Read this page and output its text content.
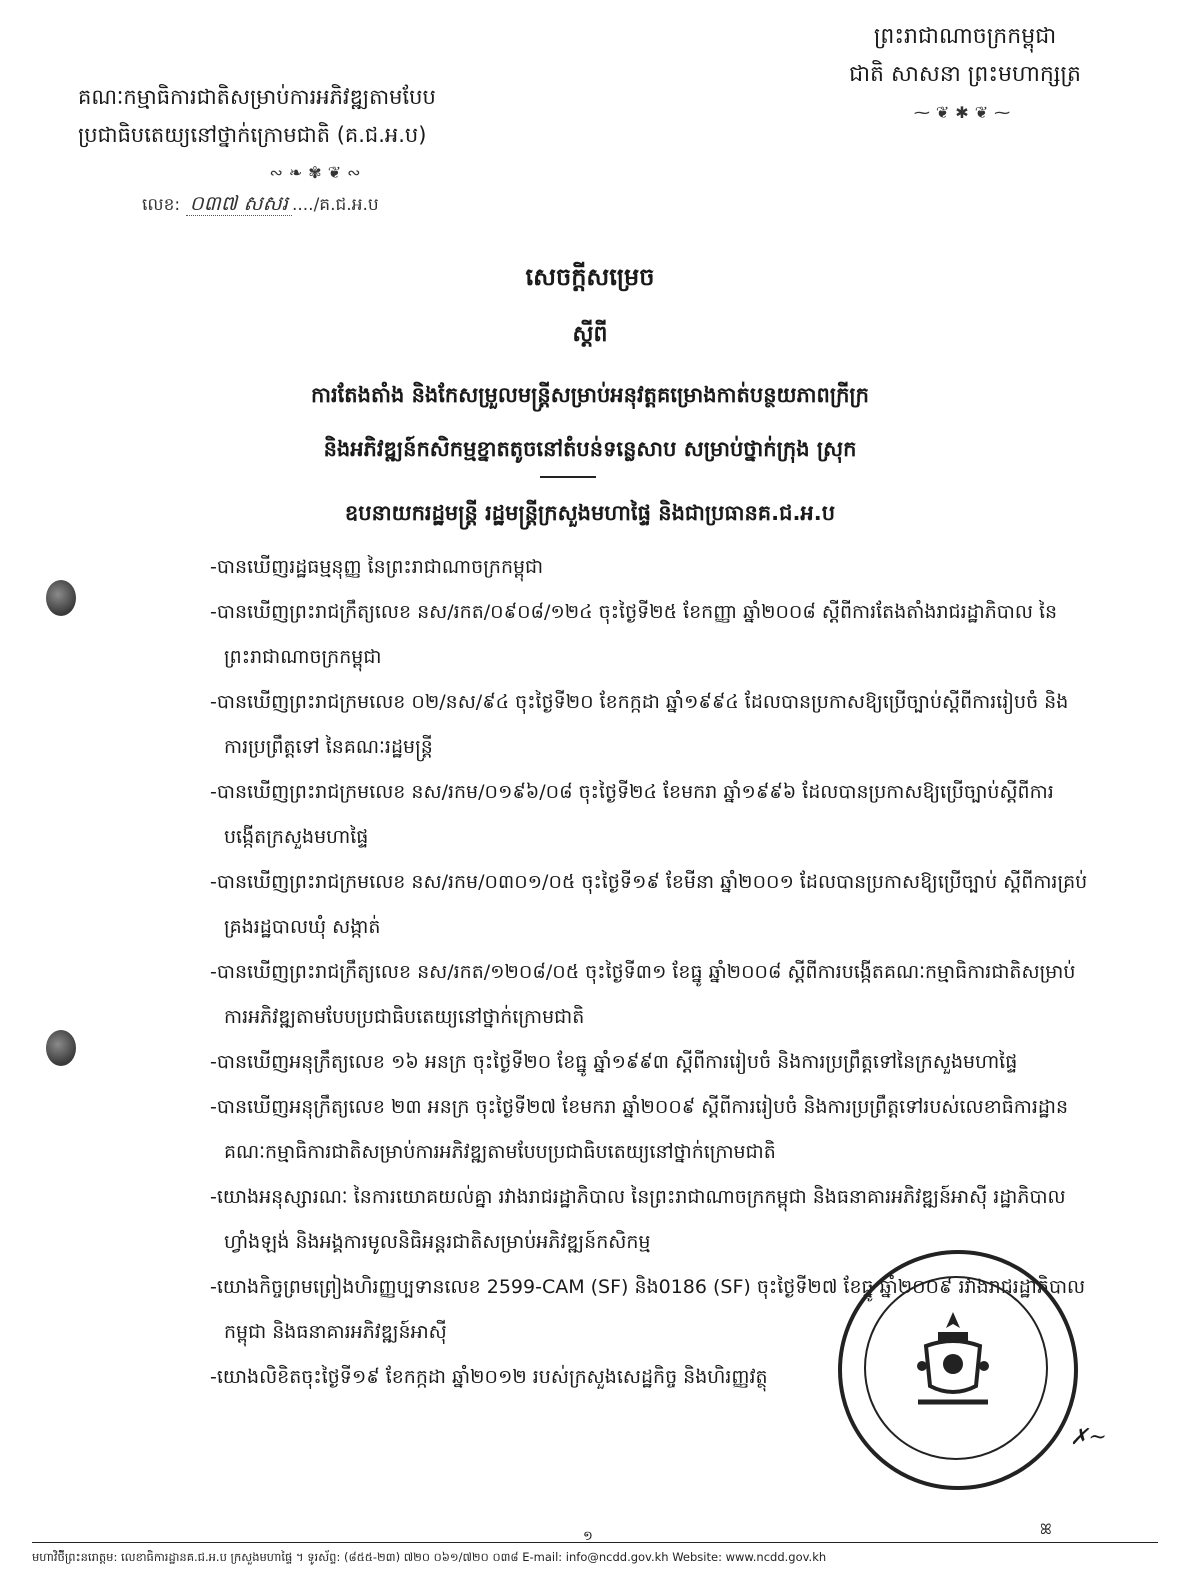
ព្រះរាជាណាចក្រកម្ពុជា
ជាតិ សាសនា ព្រះមហាក្សត្រ
⁓❦✱❦⁓
គណៈកម្មាធិការជាតិសម្រាប់ការអភិវឌ្ឍតាមបែប
ប្រជាធិបតេយ្យនៅថ្នាក់ក្រោមជាតិ (គ.ជ.អ.ប)
∾❧✾❦∾
លេខ: ០៣៧ សសរ ..../គ.ជ.អ.ប
សេចក្តីសម្រេច
ស្តីពី
ការតែងតាំង និងកែសម្រួលមន្ត្រីសម្រាប់អនុវត្តគម្រោងកាត់បន្ថយភាពក្រីក្រ
និងអភិវឌ្ឍន៍កសិកម្មខ្នាតតូចនៅតំបន់ទន្លេសាប សម្រាប់ថ្នាក់ក្រុង ស្រុក
ឧបនាយករដ្ឋមន្ត្រី រដ្ឋមន្ត្រីក្រសួងមហាផ្ទៃ និងជាប្រធានគ.ជ.អ.ប

-បានឃើញរដ្ឋធម្មនុញ្ញ នៃព្រះរាជាណាចក្រកម្ពុជា

-បានឃើញព្រះរាជក្រឹត្យលេខ នស/រកត/០៩០៨/១២៤ ចុះថ្ងៃទី២៥ ខែកញ្ញា ឆ្នាំ២០០៨ ស្តីពីការតែងតាំងរាជរដ្ឋាភិបាល នៃព្រះរាជាណាចក្រកម្ពុជា

-បានឃើញព្រះរាជក្រមលេខ ០២/នស/៩៤ ចុះថ្ងៃទី២០ ខែកក្កដា ឆ្នាំ១៩៩៤ ដែលបានប្រកាសឱ្យប្រើច្បាប់ស្តីពីការរៀបចំ និងការប្រព្រឹត្តទៅ នៃគណៈរដ្ឋមន្ត្រី

-បានឃើញព្រះរាជក្រមលេខ នស/រកម/០១៩៦/០៨ ចុះថ្ងៃទី២៤ ខែមករា ឆ្នាំ១៩៩៦ ដែលបានប្រកាសឱ្យប្រើច្បាប់ស្តីពីការបង្កើតក្រសួងមហាផ្ទៃ

-បានឃើញព្រះរាជក្រមលេខ នស/រកម/០៣០១/០៥ ចុះថ្ងៃទី១៩ ខែមីនា ឆ្នាំ២០០១ ដែលបានប្រកាសឱ្យប្រើច្បាប់ ស្តីពីការគ្រប់គ្រងរដ្ឋបាលឃុំ សង្កាត់

-បានឃើញព្រះរាជក្រឹត្យលេខ នស/រកត/១២០៨/០៥ ចុះថ្ងៃទី៣១ ខែធ្នូ ឆ្នាំ២០០៨ ស្តីពីការបង្កើតគណៈកម្មាធិការជាតិសម្រាប់ការអភិវឌ្ឍតាមបែបប្រជាធិបតេយ្យនៅថ្នាក់ក្រោមជាតិ

-បានឃើញអនុក្រឹត្យលេខ ១៦ អនក្រ ចុះថ្ងៃទី២០ ខែធ្នូ ឆ្នាំ១៩៩៣ ស្តីពីការរៀបចំ និងការប្រព្រឹត្តទៅនៃក្រសួងមហាផ្ទៃ

-បានឃើញអនុក្រឹត្យលេខ ២៣ អនក្រ ចុះថ្ងៃទី២៧ ខែមករា ឆ្នាំ២០០៩ ស្តីពីការរៀបចំ និងការប្រព្រឹត្តទៅរបស់លេខាធិការដ្ឋាន គណៈកម្មាធិការជាតិសម្រាប់ការអភិវឌ្ឍតាមបែបប្រជាធិបតេយ្យនៅថ្នាក់ក្រោមជាតិ

-យោងអនុស្សារណៈ នៃការយោគយល់គ្នា រវាងរាជរដ្ឋាភិបាល នៃព្រះរាជាណាចក្រកម្ពុជា និងធនាគារអភិវឌ្ឍន៍អាស៊ី រដ្ឋាភិបាលហ្វាំងឡង់ និងអង្គការមូលនិធិអន្តរជាតិសម្រាប់អភិវឌ្ឍន៍កសិកម្ម

-យោងកិច្ចព្រមព្រៀងហិរញ្ញប្បទានលេខ 2599-CAM (SF) និង0186 (SF) ចុះថ្ងៃទី២៧ ខែធ្នូ ឆ្នាំ២០០៩ រវាងរាជរដ្ឋាភិបាលកម្ពុជា និងធនាគារអភិវឌ្ឍន៍អាស៊ី

-យោងលិខិតចុះថ្ងៃទី១៩ ខែកក្កដា ឆ្នាំ២០១២ របស់ក្រសួងសេដ្ឋកិច្ច និងហិរញ្ញវត្ថុ

✗~
១	ꕤ
មហាវិថី៍ព្រះនរោត្តម: លេខាធិការដ្ឋានគ.ជ.អ.ប ក្រសួងមហាផ្ទៃ ។ ទូរស័ព្ទ: (៨៥៥-២៣) ៧២០ ០៦១/៧២០ ០៣៨ E-mail: info@ncdd.gov.kh Website: www.ncdd.gov.kh
